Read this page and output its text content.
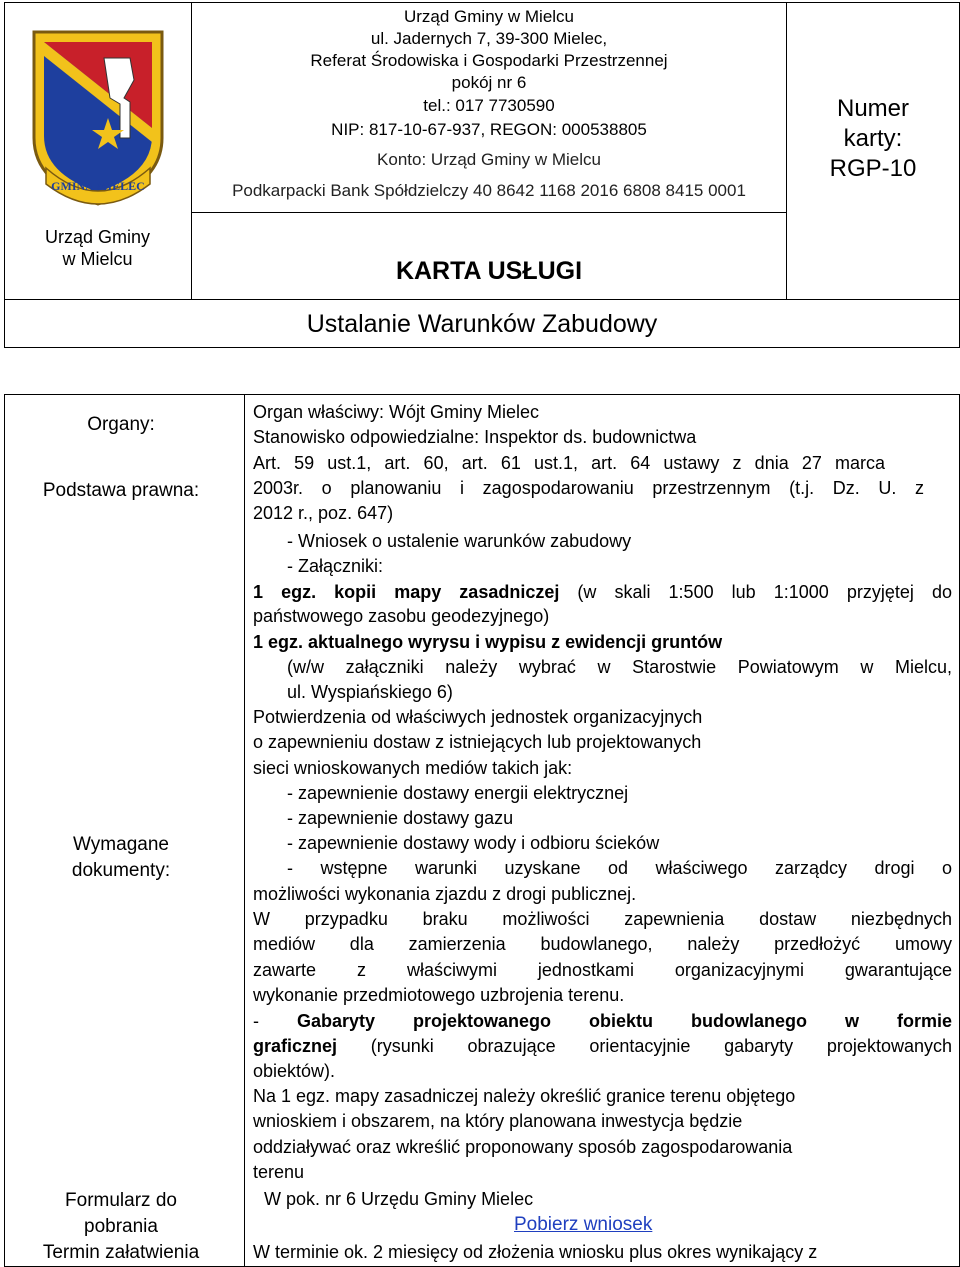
GMINA MIELEC
Urząd Gminy
w Mielcu
Urząd Gminy w Mielcu
ul. Jadernych 7, 39-300 Mielec,
Referat Środowiska i Gospodarki Przestrzennej
pokój nr 6
tel.: 017 7730590
NIP: 817-10-67-937, REGON: 000538805
Konto: Urząd Gminy w Mielcu
Podkarpacki Bank Spółdzielczy 40 8642 1168 2016 6808 8415 0001
Numer
karty:
RGP-10
KARTA USŁUGI
Ustalanie Warunków Zabudowy
Organy:
Podstawa prawna:
Wymagane
dokumenty:
Formularz do
pobrania
Termin załatwienia
Organ właściwy: Wójt Gminy Mielec
Stanowisko odpowiedzialne: Inspektor ds. budownictwa
Art. 59 ust.1, art. 60, art. 61 ust.1, art. 64 ustawy z dnia 27 marca
2003r. o planowaniu i zagospodarowaniu przestrzennym (t.j. Dz. U. z
2012 r., poz. 647)
- Wniosek o ustalenie warunków zabudowy
- Załączniki:
1 egz. kopii mapy zasadniczej (w skali 1:500 lub 1:1000 przyjętej do
państwowego zasobu geodezyjnego)
1 egz. aktualnego wyrysu i wypisu z ewidencji gruntów
(w/w załączniki należy wybrać w Starostwie Powiatowym w Mielcu,
ul. Wyspiańskiego 6)
Potwierdzenia od właściwych jednostek organizacyjnych
o zapewnieniu dostaw z istniejących lub projektowanych
sieci wnioskowanych mediów takich jak:
- zapewnienie dostawy energii elektrycznej
- zapewnienie dostawy gazu
- zapewnienie dostawy wody i odbioru ścieków
- wstępne warunki uzyskane od właściwego zarządcy drogi o
możliwości wykonania zjazdu z drogi publicznej.
W przypadku braku możliwości zapewnienia dostaw niezbędnych
mediów dla zamierzenia budowlanego, należy przedłożyć umowy
zawarte z właściwymi jednostkami organizacyjnymi gwarantujące
wykonanie przedmiotowego uzbrojenia terenu.
- Gabaryty projektowanego obiektu budowlanego w formie
graficznej (rysunki obrazujące orientacyjnie gabaryty projektowanych
obiektów).
Na 1 egz. mapy zasadniczej należy określić granice terenu objętego
wnioskiem i obszarem, na który planowana inwestycja będzie
oddziaływać oraz wkreślić proponowany sposób zagospodarowania
terenu
W pok. nr 6 Urzędu Gminy Mielec
Pobierz wniosek
W terminie ok. 2 miesięcy od złożenia wniosku plus okres wynikający z
